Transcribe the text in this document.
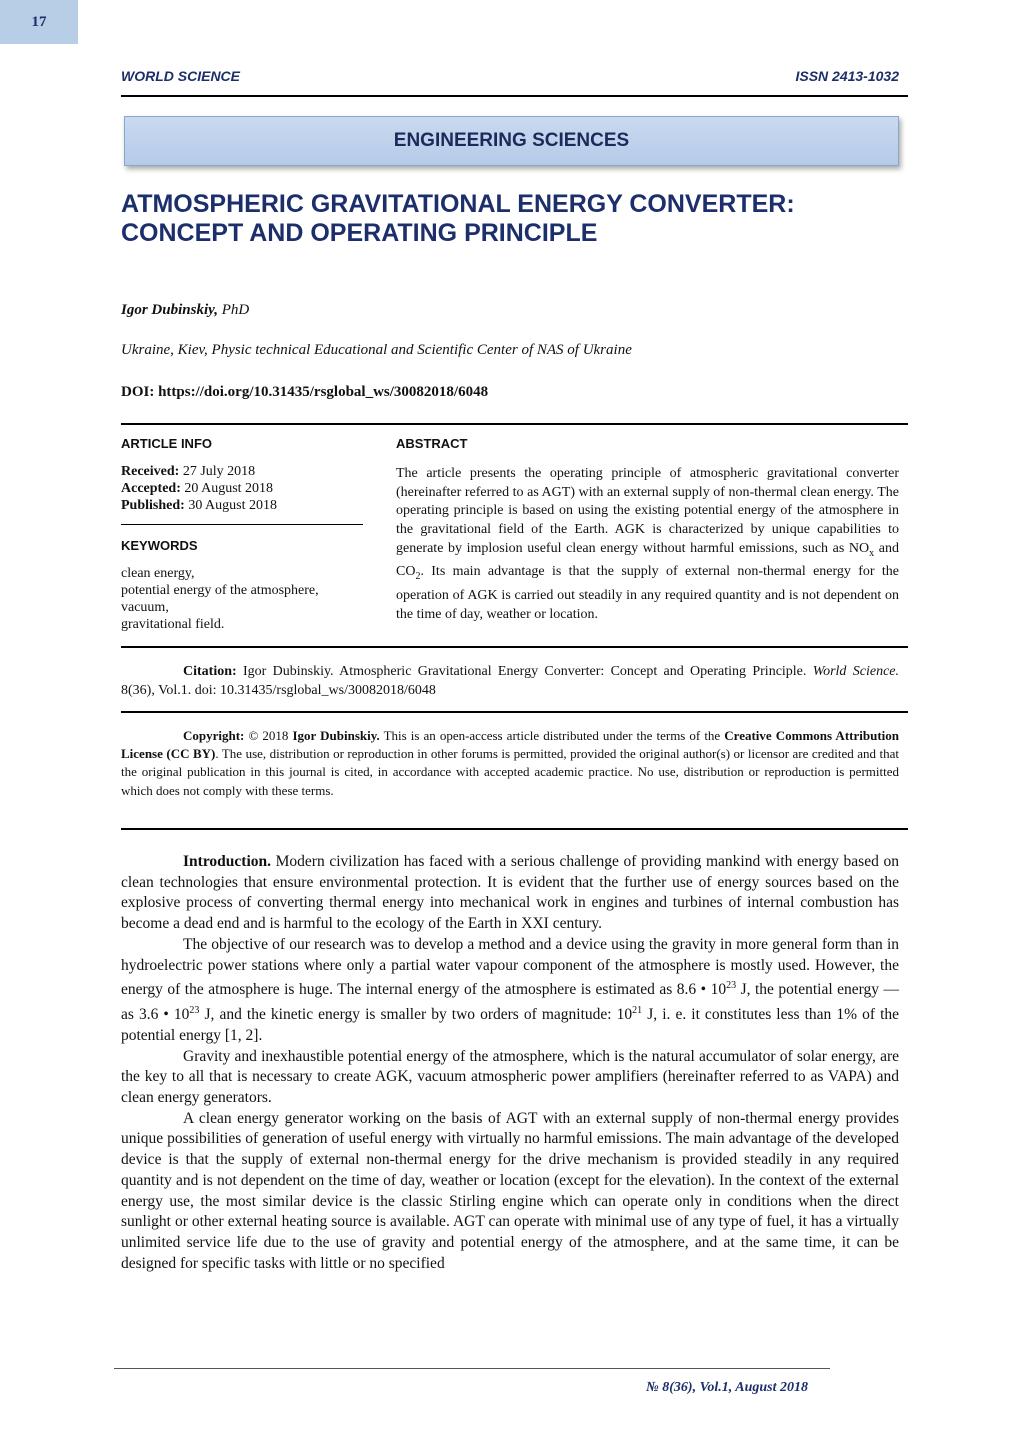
WORLD SCIENCE	ISSN 2413-1032
ENGINEERING SCIENCES
ATMOSPHERIC GRAVITATIONAL ENERGY CONVERTER: CONCEPT AND OPERATING PRINCIPLE
Igor Dubinskiy, PhD
Ukraine, Kiev, Physic technical Educational and Scientific Center of NAS of Ukraine
DOI: https://doi.org/10.31435/rsglobal_ws/30082018/6048
ARTICLE INFO
Received: 27 July 2018
Accepted: 20 August 2018
Published: 30 August 2018
KEYWORDS
clean energy,
potential energy of the atmosphere,
vacuum,
gravitational field.
ABSTRACT
The article presents the operating principle of atmospheric gravitational converter (hereinafter referred to as AGT) with an external supply of non-thermal clean energy. The operating principle is based on using the existing potential energy of the atmosphere in the gravitational field of the Earth. AGK is characterized by unique capabilities to generate by implosion useful clean energy without harmful emissions, such as $NO_x$ and $CO_2$. Its main advantage is that the supply of external non-thermal energy for the operation of AGK is carried out steadily in any required quantity and is not dependent on the time of day, weather or location.
Citation: Igor Dubinskiy. Atmospheric Gravitational Energy Converter: Concept and Operating Principle. World Science. 8(36), Vol.1. doi: 10.31435/rsglobal_ws/30082018/6048
Copyright: © 2018 Igor Dubinskiy. This is an open-access article distributed under the terms of the Creative Commons Attribution License (CC BY). The use, distribution or reproduction in other forums is permitted, provided the original author(s) or licensor are credited and that the original publication in this journal is cited, in accordance with accepted academic practice. No use, distribution or reproduction is permitted which does not comply with these terms.

Introduction. Modern civilization has faced with a serious challenge of providing mankind with energy based on clean technologies that ensure environmental protection. It is evident that the further use of energy sources based on the explosive process of converting thermal energy into mechanical work in engines and turbines of internal combustion has become a dead end and is harmful to the ecology of the Earth in XXI century.

The objective of our research was to develop a method and a device using the gravity in more general form than in hydroelectric power stations where only a partial water vapour component of the atmosphere is mostly used. However, the energy of the atmosphere is huge. The internal energy of the atmosphere is estimated as 8.6 • $10^{23}$ J, the potential energy — as 3.6 • $10^{23}$ J, and the kinetic energy is smaller by two orders of magnitude: $10^{21}$ J, i. e. it constitutes less than 1% of the potential energy [1, 2].

Gravity and inexhaustible potential energy of the atmosphere, which is the natural accumulator of solar energy, are the key to all that is necessary to create AGK, vacuum atmospheric power amplifiers (hereinafter referred to as VAPA) and clean energy generators.

A clean energy generator working on the basis of AGT with an external supply of non-thermal energy provides unique possibilities of generation of useful energy with virtually no harmful emissions. The main advantage of the developed device is that the supply of external non-thermal energy for the drive mechanism is provided steadily in any required quantity and is not dependent on the time of day, weather or location (except for the elevation). In the context of the external energy use, the most similar device is the classic Stirling engine which can operate only in conditions when the direct sunlight or other external heating source is available. AGT can operate with minimal use of any type of fuel, it has a virtually unlimited service life due to the use of gravity and potential energy of the atmosphere, and at the same time, it can be designed for specific tasks with little or no specified

№ 8(36), Vol.1, August 2018
17
